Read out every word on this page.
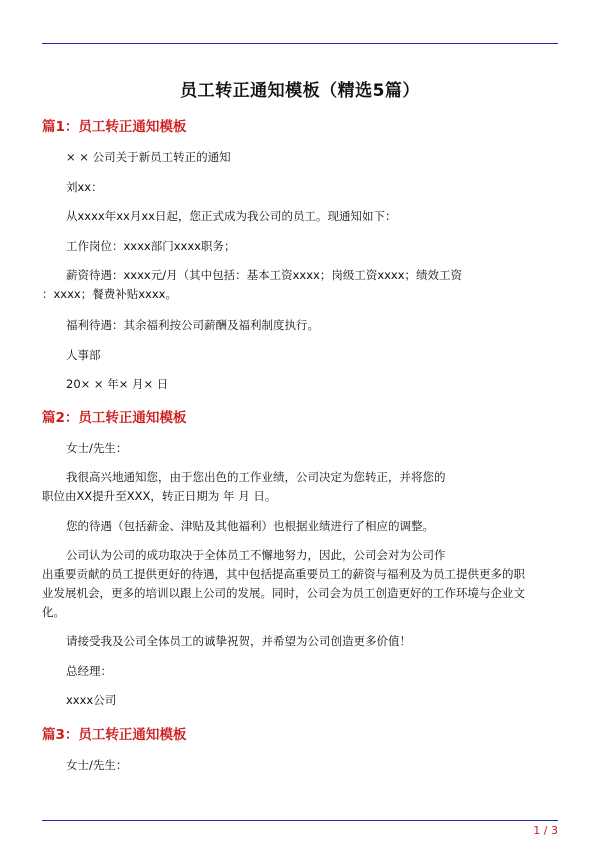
员工转正通知模板（精选5篇）
篇1：员工转正通知模板
× × 公司关于新员工转正的通知
刘xx：
从xxxx年xx月xx日起，您正式成为我公司的员工。现通知如下：
工作岗位：xxxx部门xxxx职务；
薪资待遇：xxxx元/月（其中包括：基本工资xxxx；岗级工资xxxx；绩效工资
：xxxx；餐费补贴xxxx。
福利待遇：其余福利按公司薪酬及福利制度执行。
人事部
20× × 年× 月× 日
篇2：员工转正通知模板
女士/先生：
我很高兴地通知您，由于您出色的工作业绩，公司决定为您转正，并将您的
职位由XX提升至XXX，转正日期为 年 月 日。
您的待遇（包括薪金、津贴及其他福利）也根据业绩进行了相应的调整。
公司认为公司的成功取决于全体员工不懈地努力，因此，公司会对为公司作
出重要贡献的员工提供更好的待遇，其中包括提高重要员工的薪资与福利及为员工提供更多的职
业发展机会，更多的培训以跟上公司的发展。同时，公司会为员工创造更好的工作环境与企业文
化。
请接受我及公司全体员工的诚挚祝贺，并希望为公司创造更多价值！
总经理：
xxxx公司
篇3：员工转正通知模板
女士/先生：
1 / 3
